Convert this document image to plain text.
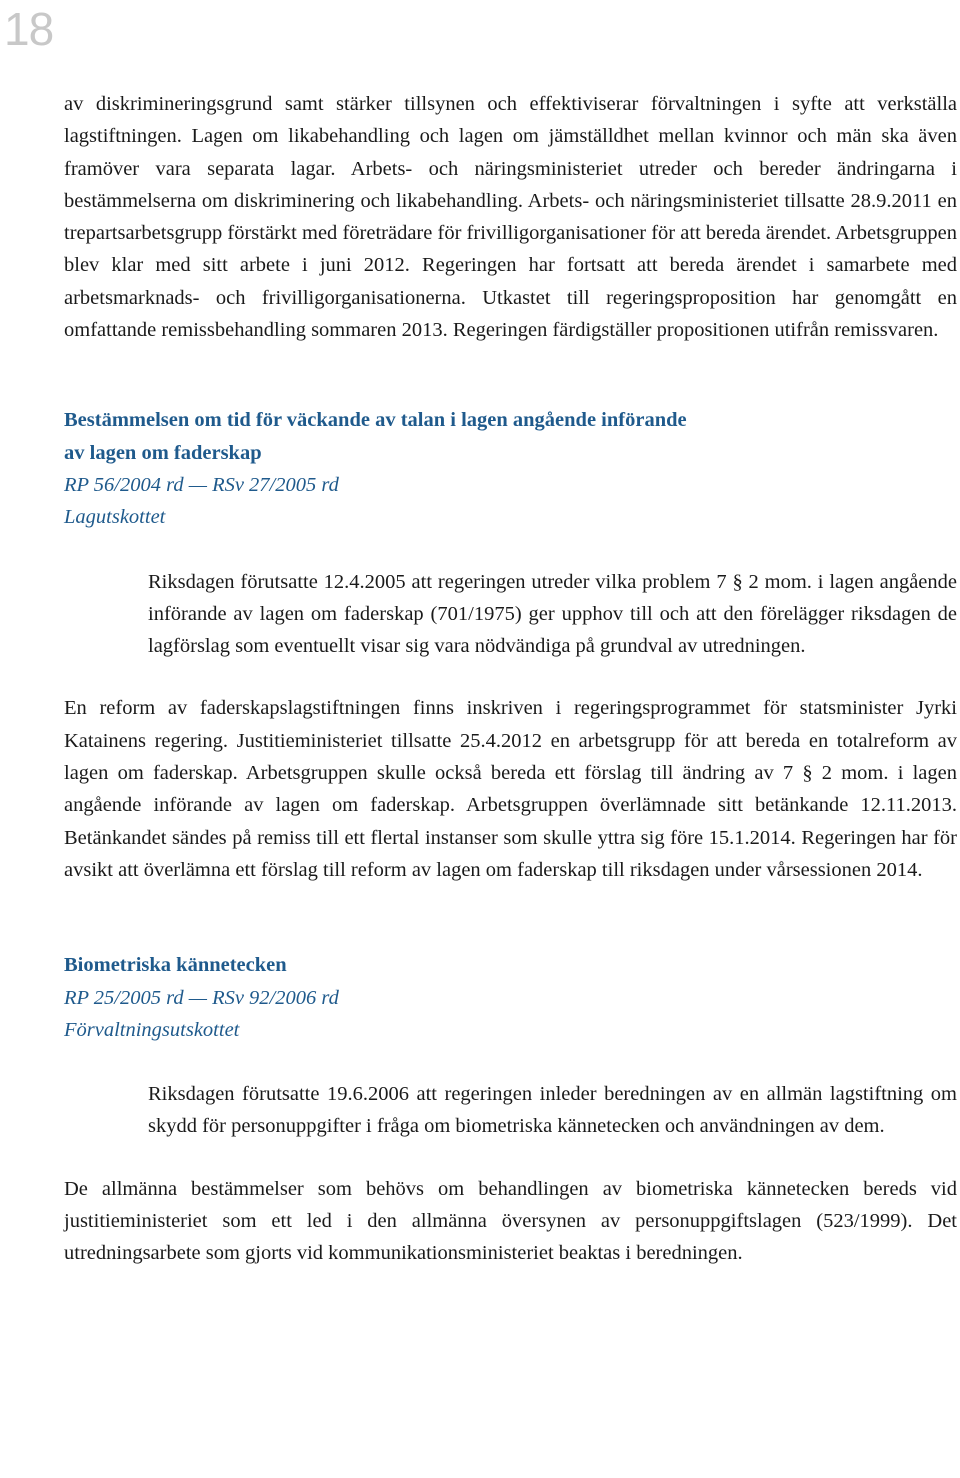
18

av diskrimineringsgrund samt stärker tillsynen och effektiviserar förvaltningen i syfte att verkställa lagstiftningen. Lagen om likabehandling och lagen om jämställdhet mellan kvinnor och män ska även framöver vara separata lagar. Arbets- och näringsministeriet utreder och bereder ändringarna i bestämmelserna om diskriminering och likabehandling. Arbets- och näringsministeriet tillsatte 28.9.2011 en trepartsarbetsgrupp förstärkt med företrädare för frivilligorganisationer för att bereda ärendet. Arbetsgruppen blev klar med sitt arbete i juni 2012. Regeringen har fortsatt att bereda ärendet i samarbete med arbetsmarknads- och frivilligorganisationerna. Utkastet till regeringsproposition har genomgått en omfattande remissbehandling sommaren 2013. Regeringen färdigställer propositionen utifrån remissvaren.

Bestämmelsen om tid för väckande av talan i lagen angående införande
av lagen om faderskap

RP 56/2004 rd — RSv 27/2005 rd

Lagutskottet

Riksdagen förutsatte 12.4.2005 att regeringen utreder vilka problem 7 § 2 mom. i lagen angående införande av lagen om faderskap (701/1975) ger upphov till och att den förelägger riksdagen de lagförslag som eventuellt visar sig vara nödvändiga på grundval av utredningen.

En reform av faderskapslagstiftningen finns inskriven i regeringsprogrammet för statsminister Jyrki Katainens regering. Justitieministeriet tillsatte 25.4.2012 en arbetsgrupp för att bereda en totalreform av lagen om faderskap. Arbetsgruppen skulle också bereda ett förslag till ändring av 7 § 2 mom. i lagen angående införande av lagen om faderskap. Arbetsgruppen överlämnade sitt betänkande 12.11.2013. Betänkandet sändes på remiss till ett flertal instanser som skulle yttra sig före 15.1.2014. Regeringen har för avsikt att överlämna ett förslag till reform av lagen om faderskap till riksdagen under vårsessionen 2014.

Biometriska kännetecken

RP 25/2005 rd — RSv 92/2006 rd

Förvaltningsutskottet

Riksdagen förutsatte 19.6.2006 att regeringen inleder beredningen av en allmän lagstiftning om skydd för personuppgifter i fråga om biometriska kännetecken och användningen av dem.

De allmänna bestämmelser som behövs om behandlingen av biometriska kännetecken bereds vid justitieministeriet som ett led i den allmänna översynen av personuppgiftslagen (523/1999). Det utredningsarbete som gjorts vid kommunikationsministeriet beaktas i beredningen.
